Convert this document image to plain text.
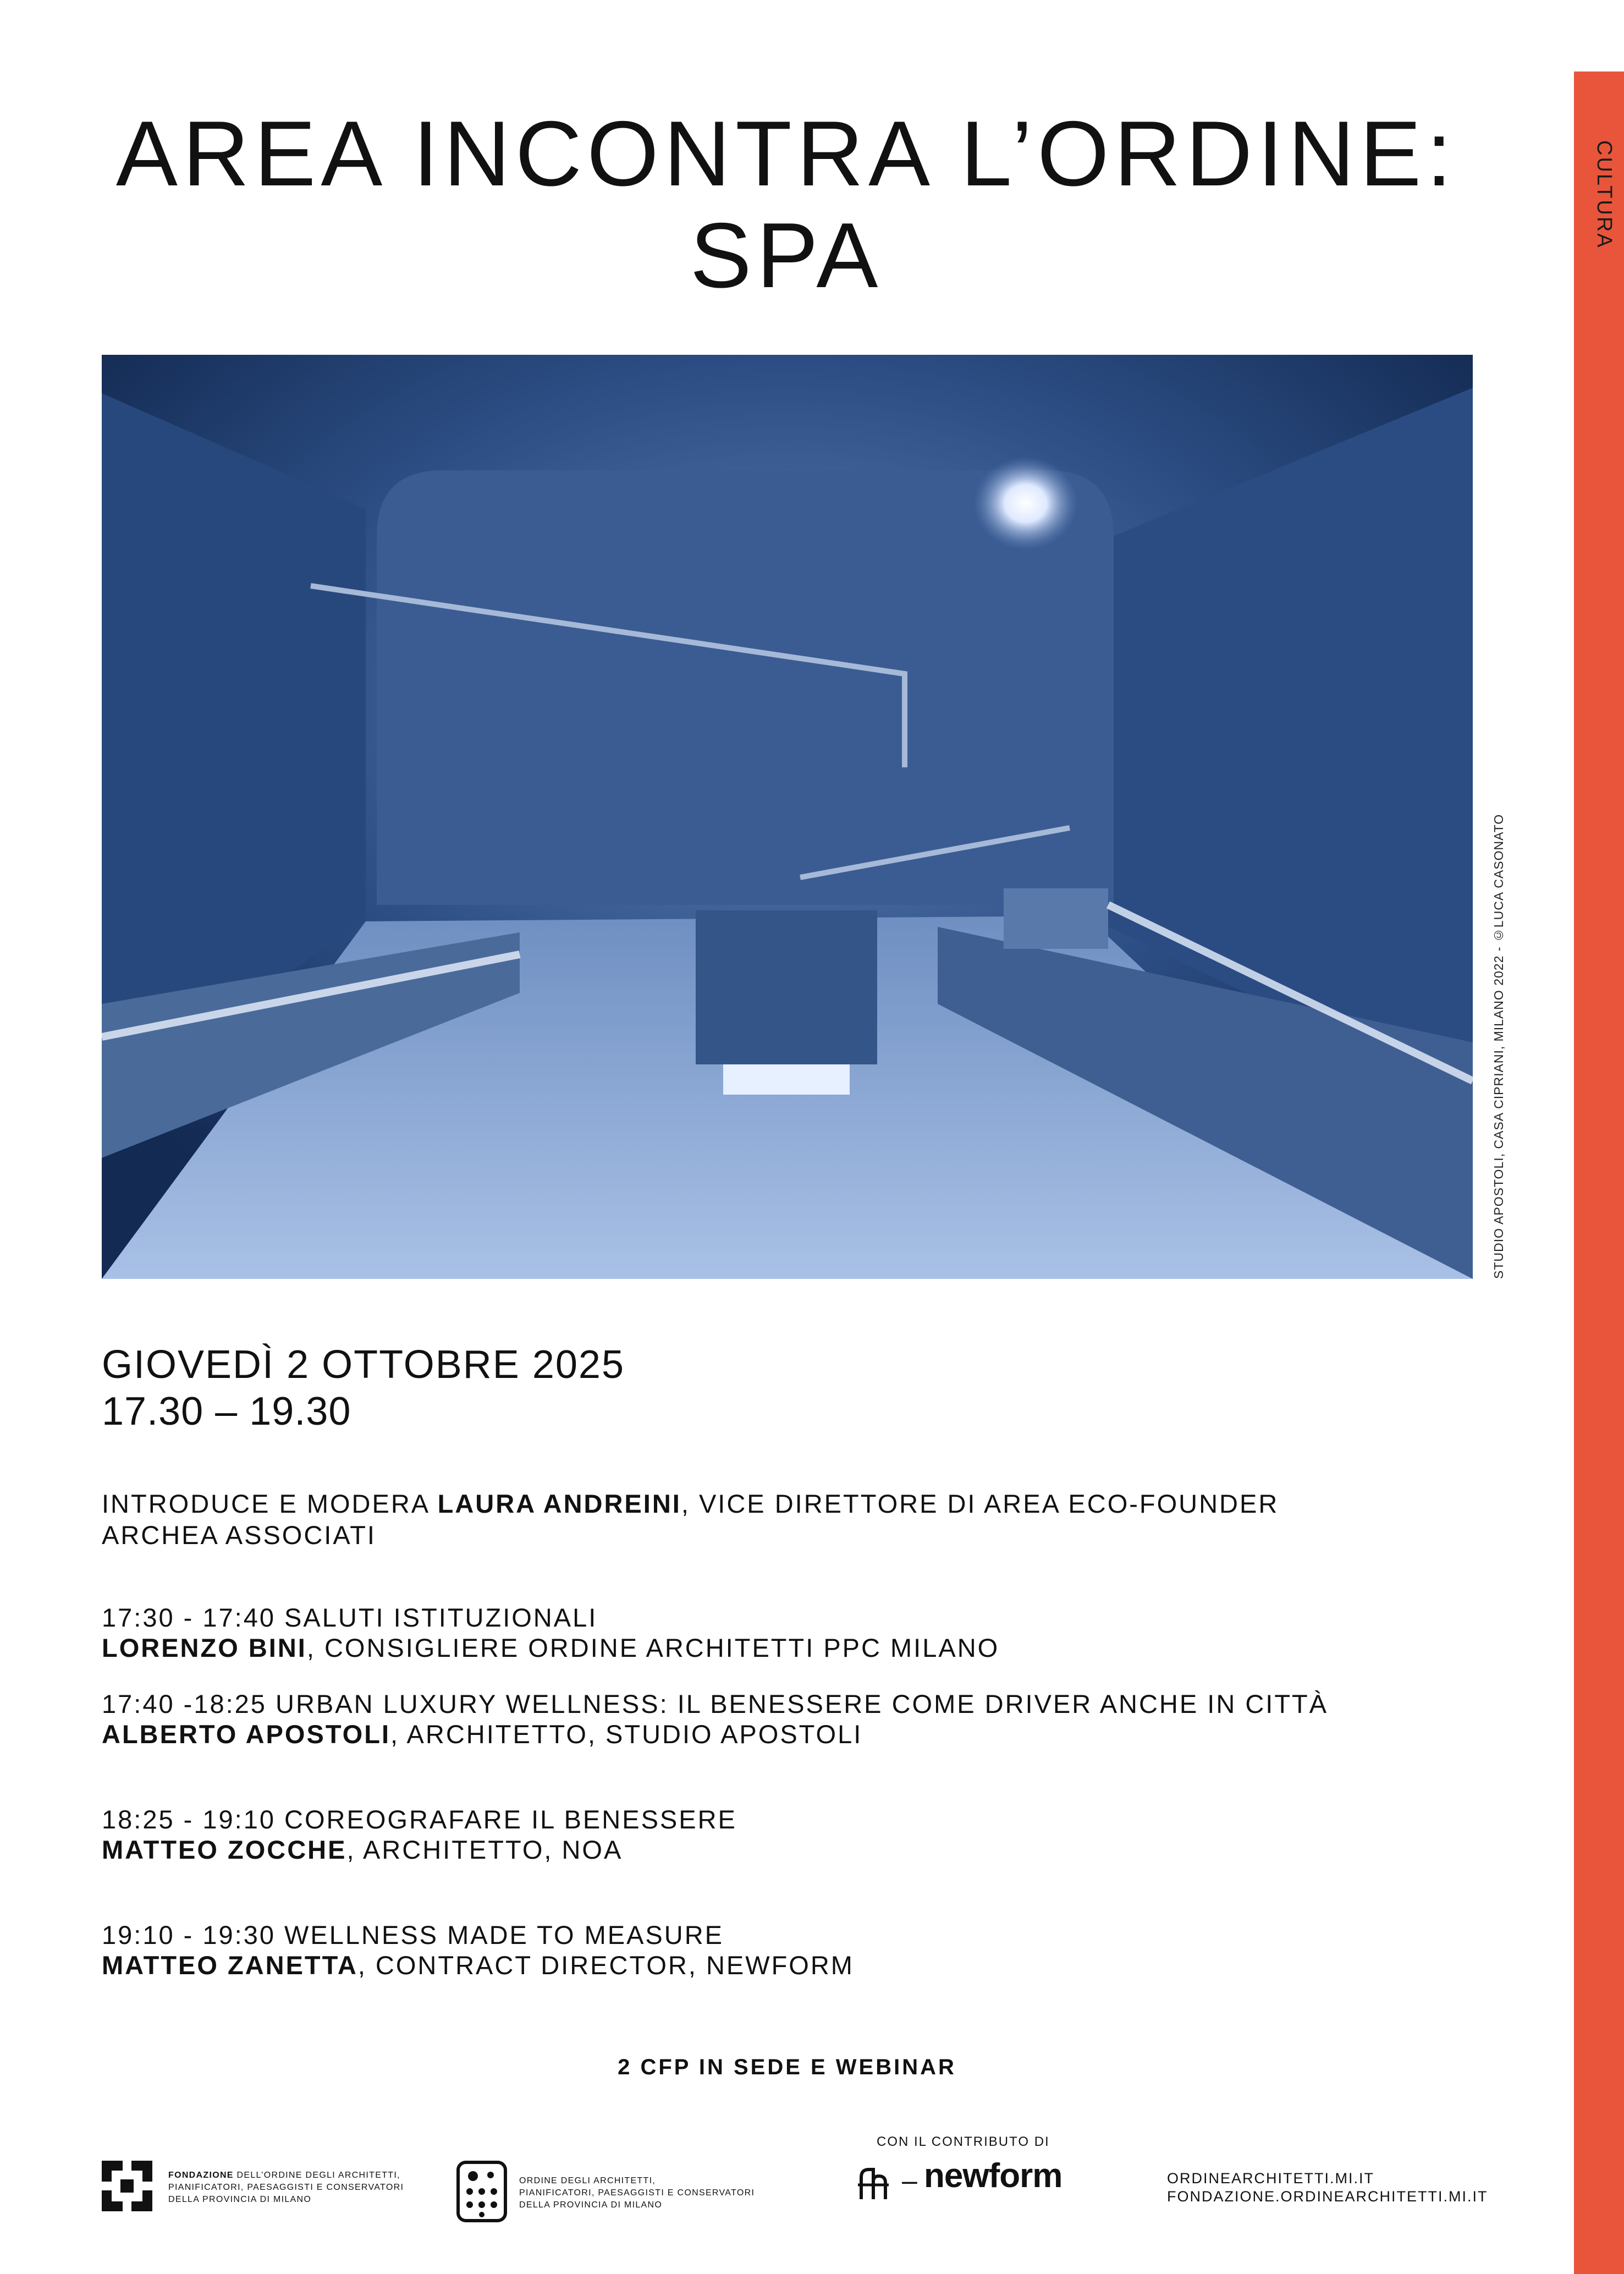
CULTURA
AREA INCONTRA L’ORDINE:
SPA
STUDIO APOSTOLI, CASA CIPRIANI, MILANO 2022 - ©LUCA CASONATO
GIOVEDÌ 2 OTTOBRE 2025
17.30 – 19.30
INTRODUCE E MODERA LAURA ANDREINI, VICE DIRETTORE DI AREA ECO-FOUNDER
ARCHEA ASSOCIATI
17:30 - 17:40 SALUTI ISTITUZIONALI
LORENZO BINI, CONSIGLIERE ORDINE ARCHITETTI PPC MILANO
17:40 -18:25 URBAN LUXURY WELLNESS: IL BENESSERE COME DRIVER ANCHE IN CITTÀ
ALBERTO APOSTOLI, ARCHITETTO, STUDIO APOSTOLI
18:25 - 19:10 COREOGRAFARE IL BENESSERE
MATTEO ZOCCHE, ARCHITETTO, NOA
19:10 - 19:30 WELLNESS MADE TO MEASURE
MATTEO ZANETTA, CONTRACT DIRECTOR, NEWFORM
2 CFP IN SEDE E WEBINAR
FONDAZIONE DELL’ORDINE DEGLI ARCHITETTI,
PIANIFICATORI, PAESAGGISTI E CONSERVATORI
DELLA PROVINCIA DI MILANO
ORDINE DEGLI ARCHITETTI,
PIANIFICATORI, PAESAGGISTI E CONSERVATORI
DELLA PROVINCIA DI MILANO
CON IL CONTRIBUTO DI
– newform	ORDINEARCHITETTI.MI.IT
FONDAZIONE.ORDINEARCHITETTI.MI.IT
